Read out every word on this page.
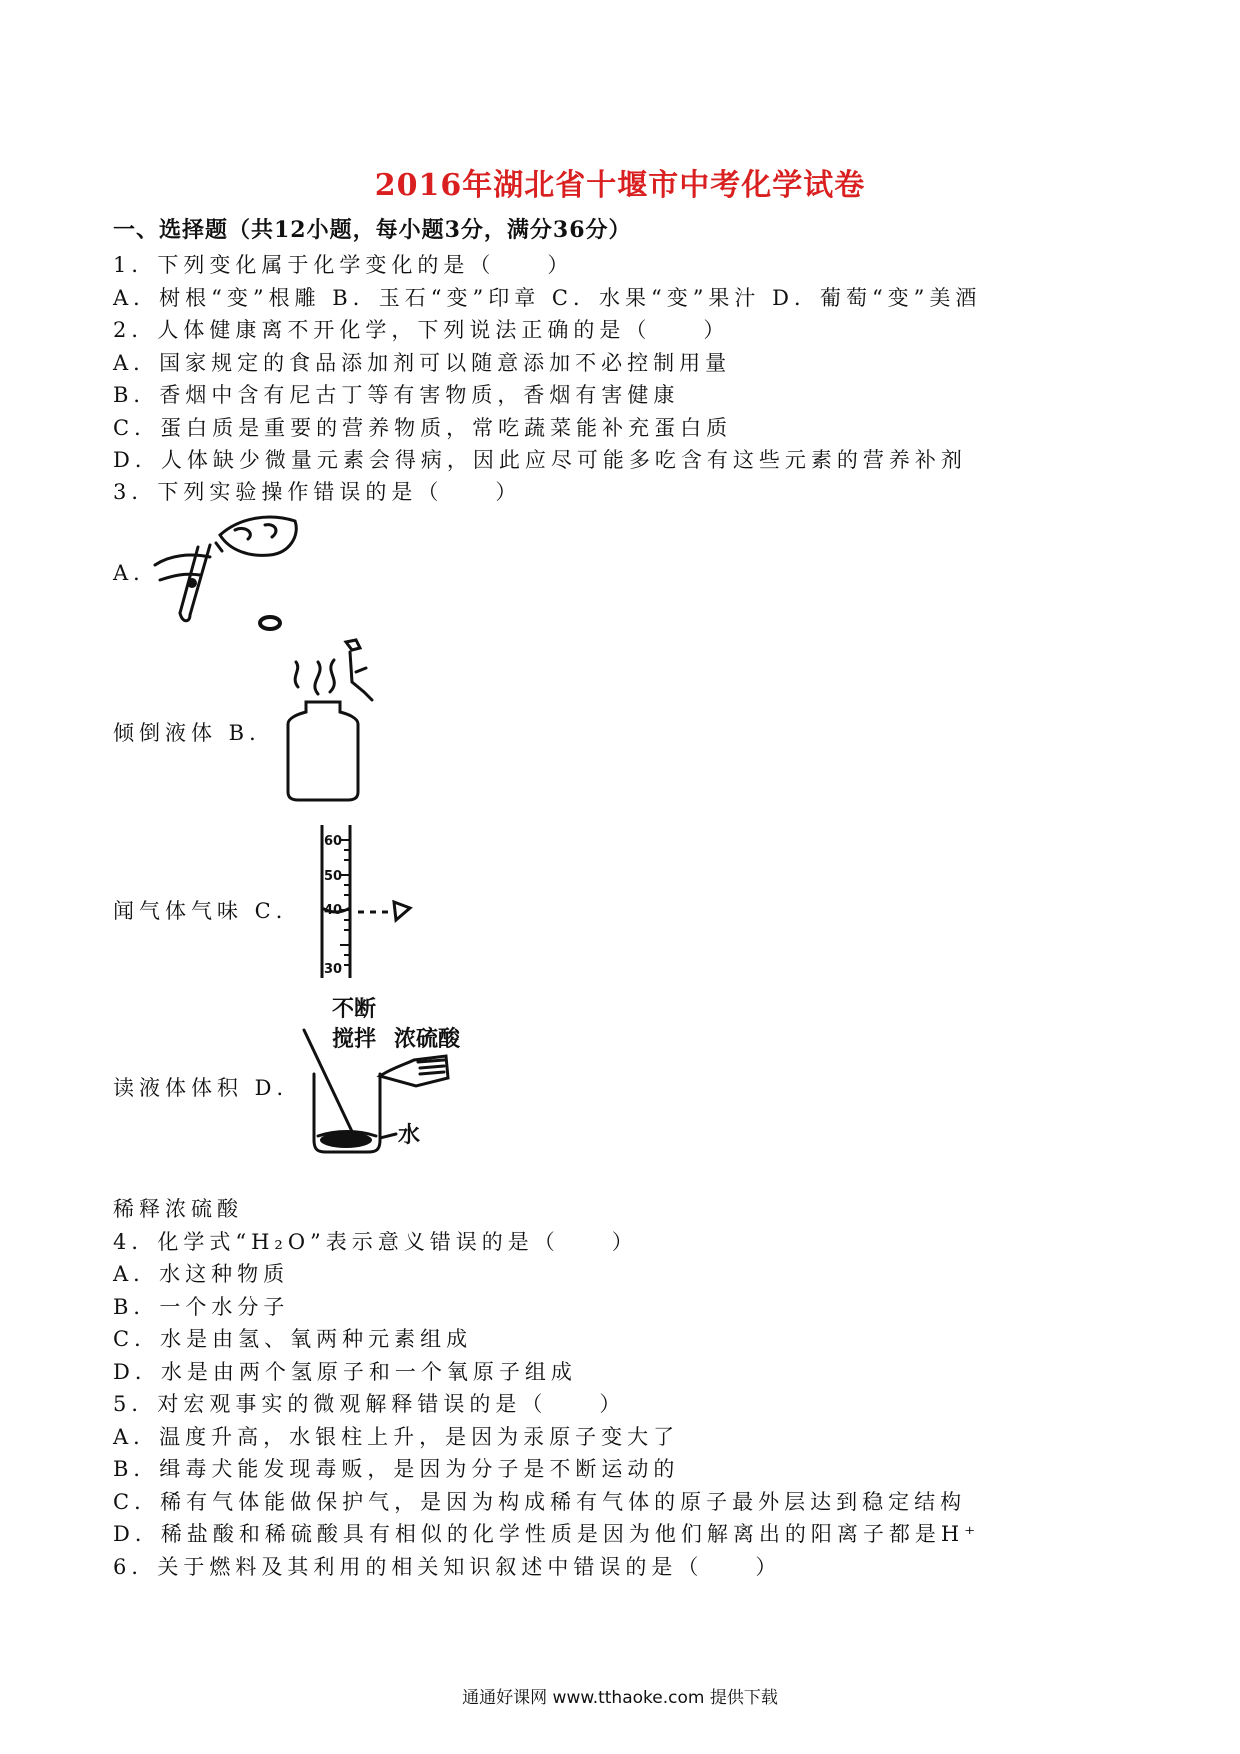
2016年湖北省十堰市中考化学试卷
一、选择题（共12小题，每小题3分，满分36分）
1．下列变化属于化学变化的是（　　）
A．树根“变”根雕 B．玉石“变”印章 C．水果“变”果汁 D．葡萄“变”美酒
2．人体健康离不开化学，下列说法正确的是（　　）
A．国家规定的食品添加剂可以随意添加不必控制用量
B．香烟中含有尼古丁等有害物质，香烟有害健康
C．蛋白质是重要的营养物质，常吃蔬菜能补充蛋白质
D．人体缺少微量元素会得病，因此应尽可能多吃含有这些元素的营养补剂
3．下列实验操作错误的是（　　）
A．
倾倒液体 B．
闻气体气味 C．
60
50
40
30
读液体体积 D．
不断
搅拌 浓硫酸
水
稀释浓硫酸
4．化学式“H₂O”表示意义错误的是（　　）
A．水这种物质
B．一个水分子
C．水是由氢、氧两种元素组成
D．水是由两个氢原子和一个氧原子组成
5．对宏观事实的微观解释错误的是（　　）
A．温度升高，水银柱上升，是因为汞原子变大了
B．缉毒犬能发现毒贩，是因为分子是不断运动的
C．稀有气体能做保护气，是因为构成稀有气体的原子最外层达到稳定结构
D．稀盐酸和稀硫酸具有相似的化学性质是因为他们解离出的阳离子都是H⁺
6．关于燃料及其利用的相关知识叙述中错误的是（　　）
通通好课网 www.tthaoke.com 提供下载
